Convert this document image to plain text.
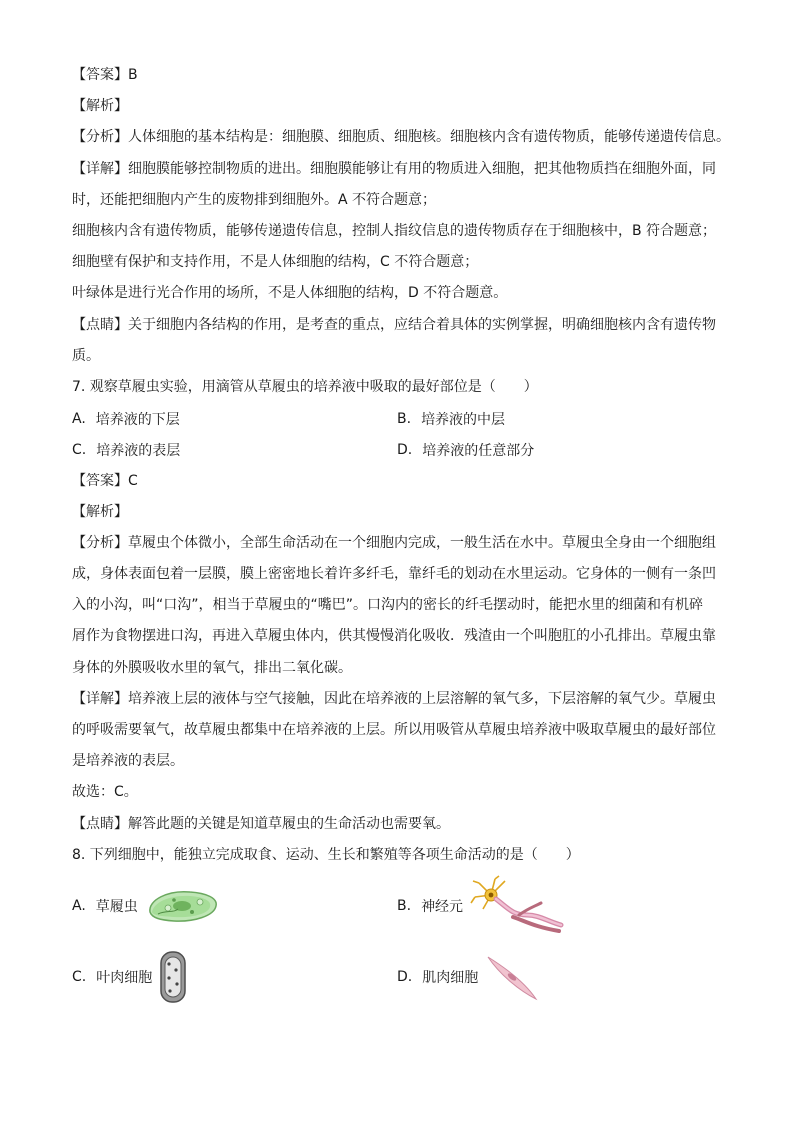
【答案】B
【解析】
【分析】人体细胞的基本结构是：细胞膜、细胞质、细胞核。细胞核内含有遗传物质，能够传递遗传信息。
【详解】细胞膜能够控制物质的进出。细胞膜能够让有用的物质进入细胞，把其他物质挡在细胞外面，同
时，还能把细胞内产生的废物排到细胞外。A 不符合题意；
细胞核内含有遗传物质，能够传递遗传信息，控制人指纹信息的遗传物质存在于细胞核中，B 符合题意；
细胞壁有保护和支持作用，不是人体细胞的结构，C 不符合题意；
叶绿体是进行光合作用的场所，不是人体细胞的结构，D 不符合题意。
【点睛】关于细胞内各结构的作用，是考查的重点，应结合着具体的实例掌握，明确细胞核内含有遗传物
质。
7. 观察草履虫实验，用滴管从草履虫的培养液中吸取的最好部位是（　　）
A. 培养液的下层	B. 培养液的中层
C. 培养液的表层	D. 培养液的任意部分
【答案】C
【解析】
【分析】草履虫个体微小，全部生命活动在一个细胞内完成，一般生活在水中。草履虫全身由一个细胞组
成，身体表面包着一层膜，膜上密密地长着许多纤毛，靠纤毛的划动在水里运动。它身体的一侧有一条凹
入的小沟，叫“口沟”，相当于草履虫的“嘴巴”。口沟内的密长的纤毛摆动时，能把水里的细菌和有机碎
屑作为食物摆进口沟，再进入草履虫体内，供其慢慢消化吸收．残渣由一个叫胞肛的小孔排出。草履虫靠
身体的外膜吸收水里的氧气，排出二氧化碳。
【详解】培养液上层的液体与空气接触，因此在培养液的上层溶解的氧气多，下层溶解的氧气少。草履虫
的呼吸需要氧气，故草履虫都集中在培养液的上层。所以用吸管从草履虫培养液中吸取草履虫的最好部位
是培养液的表层。
故选：C。
【点睛】解答此题的关键是知道草履虫的生命活动也需要氧。
8. 下列细胞中，能独立完成取食、运动、生长和繁殖等各项生命活动的是（　　）
A. 草履虫	B. 神经元
C. 叶肉细胞	D. 肌肉细胞
